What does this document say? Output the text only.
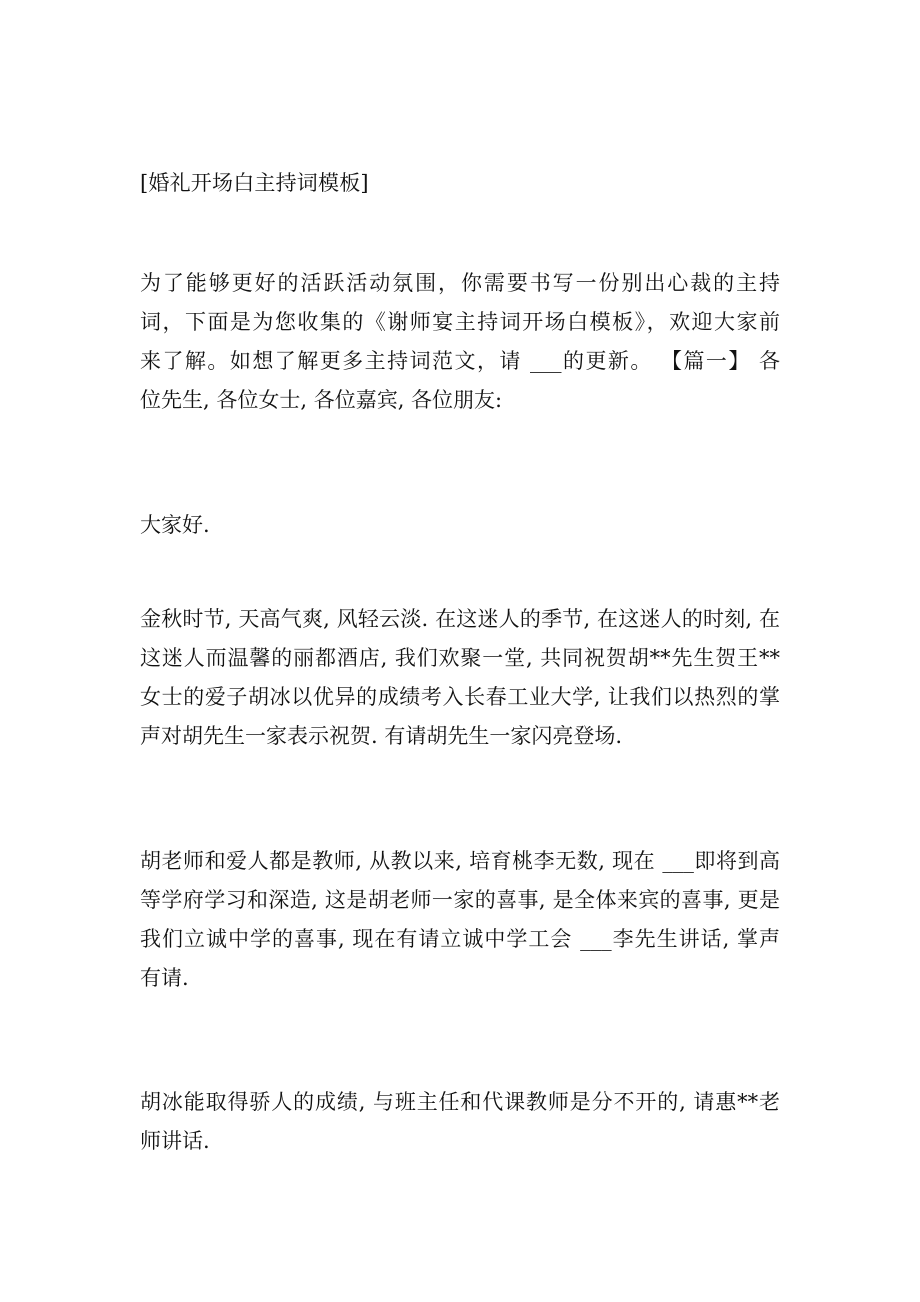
[婚礼开场白主持词模板]
为了能够更好的活跃活动氛围，你需要书写一份别出心裁的主持
词，下面是为您收集的《谢师宴主持词开场白模板》，欢迎大家前
来了解。如想了解更多主持词范文，请 ___的更新。 【篇一】 各
位先生, 各位女士, 各位嘉宾, 各位朋友:
大家好.
金秋时节, 天高气爽, 风轻云淡. 在这迷人的季节, 在这迷人的时刻, 在
这迷人而温馨的丽都酒店, 我们欢聚一堂, 共同祝贺胡**先生贺王**
女士的爱子胡冰以优异的成绩考入长春工业大学, 让我们以热烈的掌
声对胡先生一家表示祝贺. 有请胡先生一家闪亮登场.
胡老师和爱人都是教师, 从教以来, 培育桃李无数, 现在 ___即将到高
等学府学习和深造, 这是胡老师一家的喜事, 是全体来宾的喜事, 更是
我们立诚中学的喜事, 现在有请立诚中学工会 ___李先生讲话, 掌声
有请.
胡冰能取得骄人的成绩, 与班主任和代课教师是分不开的, 请惠**老
师讲话.
